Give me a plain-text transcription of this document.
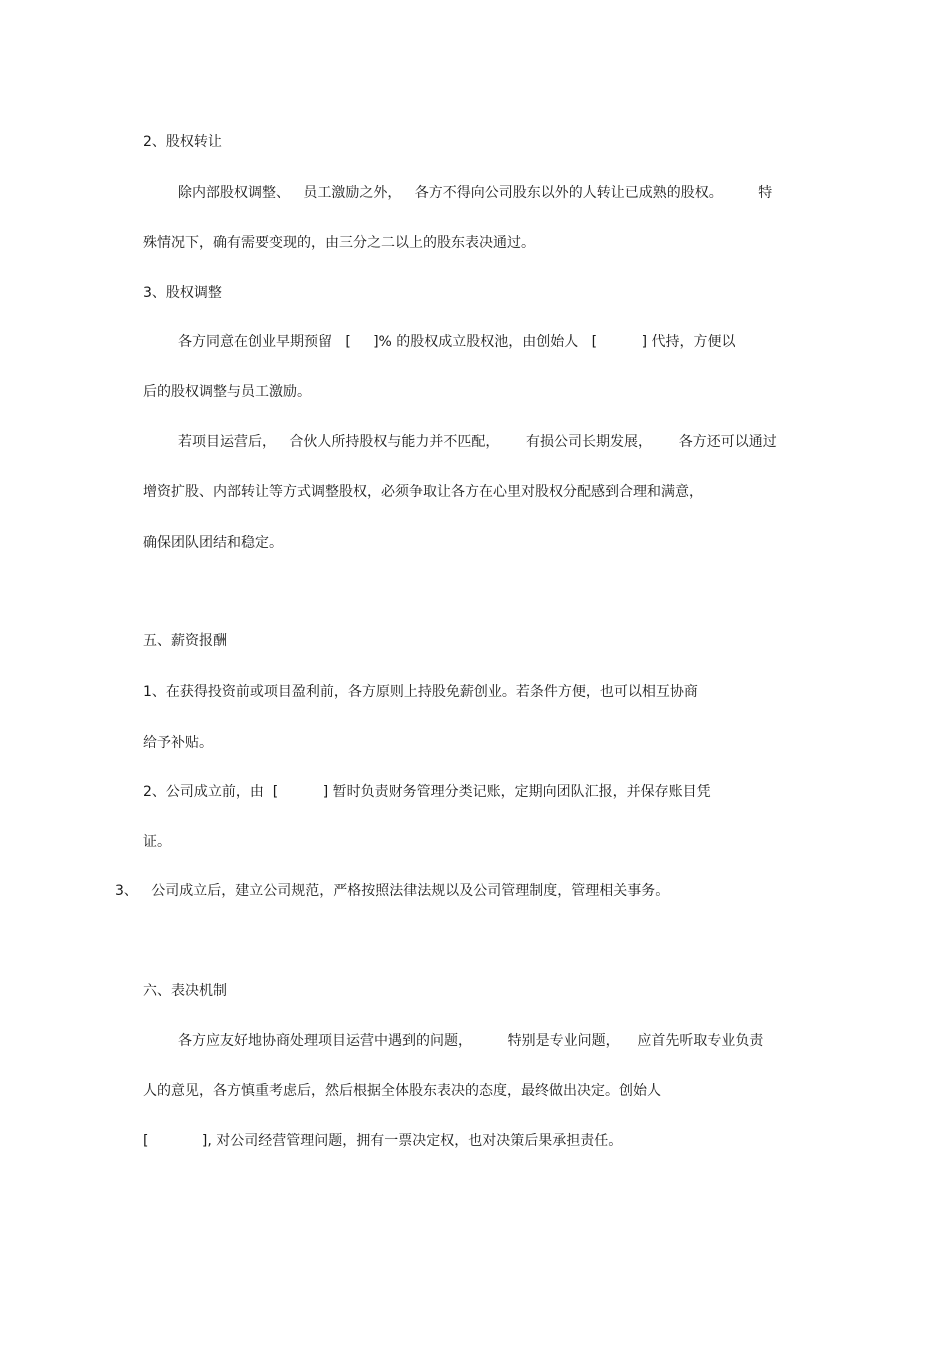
2、股权转让
除内部股权调整、   员工激励之外，   各方不得向公司股东以外的人转让已成熟的股权。        特
殊情况下，确有需要变现的，由三分之二以上的股东表决通过。
3、股权调整
各方同意在创业早期预留   [     ]% 的股权成立股权池，由创始人   [          ] 代持，方便以
后的股权调整与员工激励。
若项目运营后，   合伙人所持股权与能力并不匹配，      有损公司长期发展，      各方还可以通过
增资扩股、内部转让等方式调整股权，必须争取让各方在心里对股权分配感到合理和满意，
确保团队团结和稳定。
五、薪资报酬
1、在获得投资前或项目盈利前，各方原则上持股免薪创业。若条件方便，也可以相互协商
给予补贴。
2、公司成立前，由  [          ] 暂时负责财务管理分类记账，定期向团队汇报，并保存账目凭
证。
3、   公司成立后，建立公司规范，严格按照法律法规以及公司管理制度，管理相关事务。
六、表决机制
各方应友好地协商处理项目运营中遇到的问题，        特别是专业问题，    应首先听取专业负责
人的意见，各方慎重考虑后，然后根据全体股东表决的态度，最终做出决定。创始人
[            ], 对公司经营管理问题，拥有一票决定权，也对决策后果承担责任。
